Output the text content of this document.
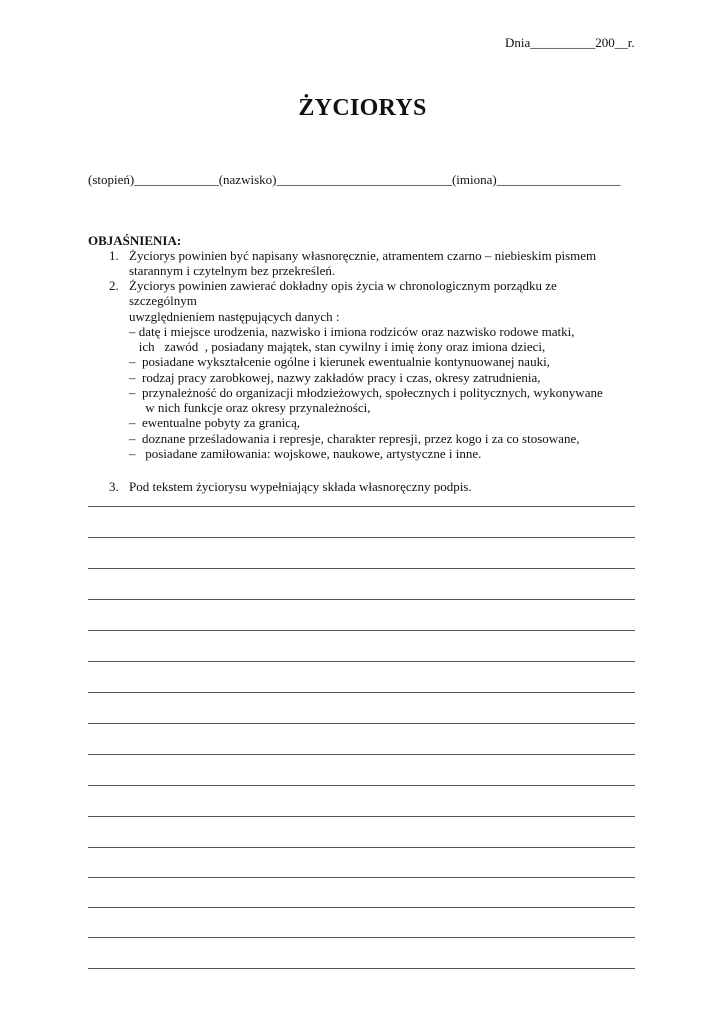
Dnia__________200__r.
ŻYCIORYS
(stopień)_____________(nazwisko)___________________________(imiona)___________________
OBJAŚNIENIA:
1. Życiorys powinien być napisany własnoręcznie, atramentem czarno – niebieskim pismem
starannym i czytelnym bez przekreśleń.
2. Życiorys powinien zawierać dokładny opis życia w chronologicznym porządku ze
szczególnym
uwzględnieniem następujących danych :
– datę i miejsce urodzenia, nazwisko i imiona rodziców oraz nazwisko rodowe matki,
ich   zawód  , posiadany majątek, stan cywilny i imię żony oraz imiona dzieci,
–  posiadane wykształcenie ogólne i kierunek ewentualnie kontynuowanej nauki,
–  rodzaj pracy zarobkowej, nazwy zakładów pracy i czas, okresy zatrudnienia,
–  przynależność do organizacji młodzieżowych, społecznych i politycznych, wykonywane
w nich funkcje oraz okresy przynależności,
–  ewentualne pobyty za granicą,
–  doznane prześladowania i represje, charakter represji, przez kogo i za co stosowane,
–   posiadane zamiłowania: wojskowe, naukowe, artystyczne i inne.
3. Pod tekstem życiorysu wypełniający składa własnoręczny podpis.
